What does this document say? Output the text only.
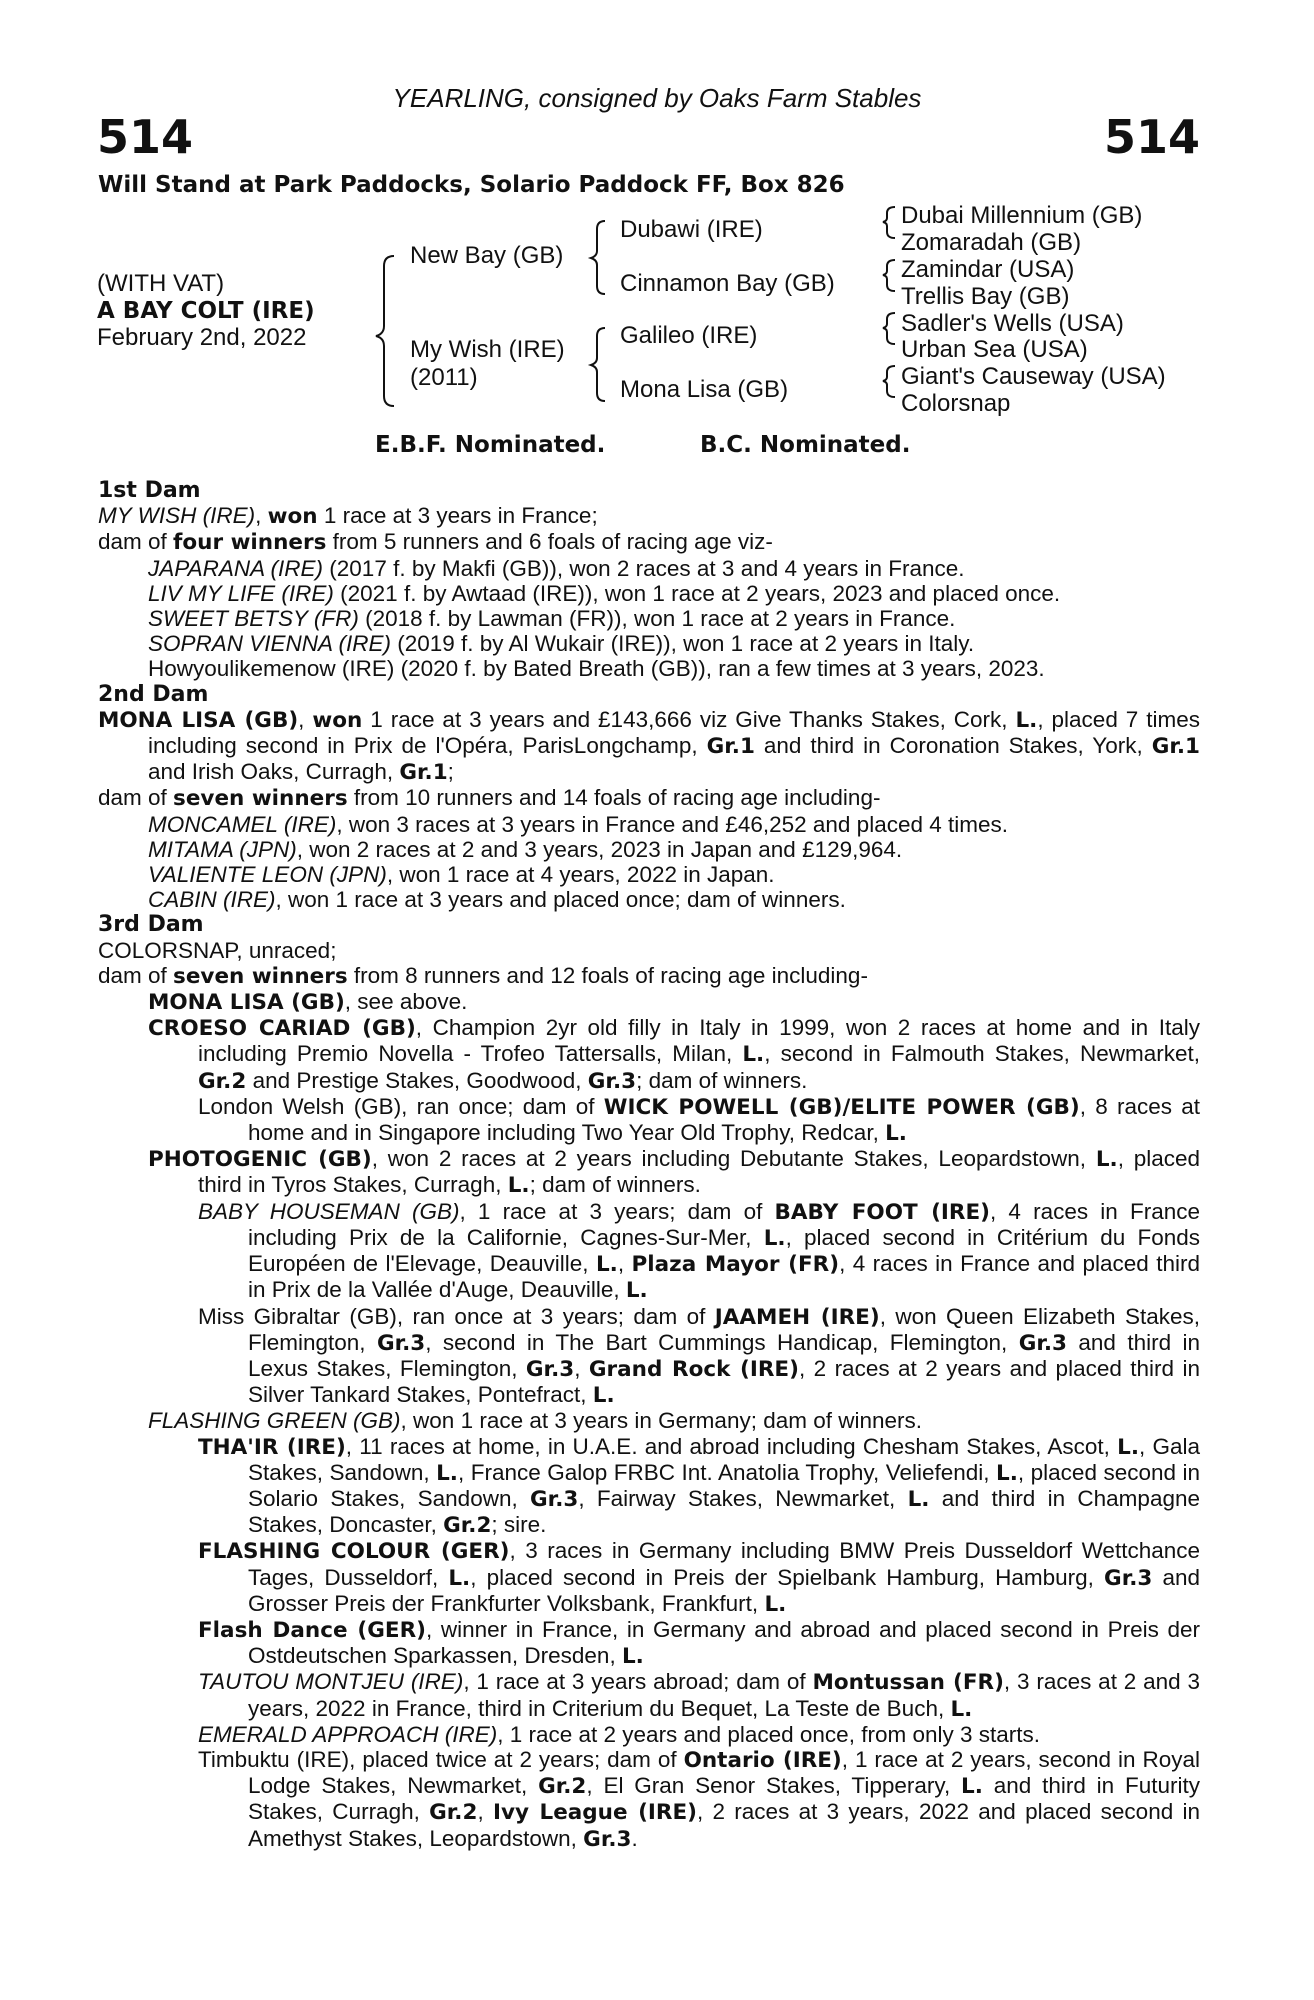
YEARLING, consigned by Oaks Farm Stables
514	514
Will Stand at Park Paddocks, Solario Paddock FF, Box 826
(WITH VAT)
A BAY COLT (IRE)
February 2nd, 2022
New Bay (GB)
My Wish (IRE)
(2011)
Dubawi (IRE)
Cinnamon Bay (GB)
Galileo (IRE)
Mona Lisa (GB)
Dubai Millennium (GB)
Zomaradah (GB)
Zamindar (USA)
Trellis Bay (GB)
Sadler's Wells (USA)
Urban Sea (USA)
Giant's Causeway (USA)
Colorsnap
E.B.F. Nominated.	B.C. Nominated.
1st Dam
MY WISH (IRE), won 1 race at 3 years in France;
dam of four winners from 5 runners and 6 foals of racing age viz-
JAPARANA (IRE) (2017 f. by Makfi (GB)), won 2 races at 3 and 4 years in France.
LIV MY LIFE (IRE) (2021 f. by Awtaad (IRE)), won 1 race at 2 years, 2023 and placed once.
SWEET BETSY (FR) (2018 f. by Lawman (FR)), won 1 race at 2 years in France.
SOPRAN VIENNA (IRE) (2019 f. by Al Wukair (IRE)), won 1 race at 2 years in Italy.
Howyoulikemenow (IRE) (2020 f. by Bated Breath (GB)), ran a few times at 3 years, 2023.
2nd Dam
MONA LISA (GB), won 1 race at 3 years and £143,666 viz Give Thanks Stakes, Cork, L., placed 7 times including second in Prix de l'Opéra, ParisLongchamp, Gr.1 and third in Coronation Stakes, York, Gr.1 and Irish Oaks, Curragh, Gr.1;
dam of seven winners from 10 runners and 14 foals of racing age including-
MONCAMEL (IRE), won 3 races at 3 years in France and £46,252 and placed 4 times.
MITAMA (JPN), won 2 races at 2 and 3 years, 2023 in Japan and £129,964.
VALIENTE LEON (JPN), won 1 race at 4 years, 2022 in Japan.
CABIN (IRE), won 1 race at 3 years and placed once; dam of winners.
3rd Dam
COLORSNAP, unraced;
dam of seven winners from 8 runners and 12 foals of racing age including-
MONA LISA (GB), see above.
CROESO CARIAD (GB), Champion 2yr old filly in Italy in 1999, won 2 races at home and in Italy including Premio Novella - Trofeo Tattersalls, Milan, L., second in Falmouth Stakes, Newmarket, Gr.2 and Prestige Stakes, Goodwood, Gr.3; dam of winners.
London Welsh (GB), ran once; dam of WICK POWELL (GB)/ELITE POWER (GB), 8 races at home and in Singapore including Two Year Old Trophy, Redcar, L.
PHOTOGENIC (GB), won 2 races at 2 years including Debutante Stakes, Leopardstown, L., placed third in Tyros Stakes, Curragh, L.; dam of winners.
BABY HOUSEMAN (GB), 1 race at 3 years; dam of BABY FOOT (IRE), 4 races in France including Prix de la Californie, Cagnes-Sur-Mer, L., placed second in Critérium du Fonds Européen de l'Elevage, Deauville, L., Plaza Mayor (FR), 4 races in France and placed third in Prix de la Vallée d'Auge, Deauville, L.
Miss Gibraltar (GB), ran once at 3 years; dam of JAAMEH (IRE), won Queen Elizabeth Stakes, Flemington, Gr.3, second in The Bart Cummings Handicap, Flemington, Gr.3 and third in Lexus Stakes, Flemington, Gr.3, Grand Rock (IRE), 2 races at 2 years and placed third in Silver Tankard Stakes, Pontefract, L.
FLASHING GREEN (GB), won 1 race at 3 years in Germany; dam of winners.
THA'IR (IRE), 11 races at home, in U.A.E. and abroad including Chesham Stakes, Ascot, L., Gala Stakes, Sandown, L., France Galop FRBC Int. Anatolia Trophy, Veliefendi, L., placed second in Solario Stakes, Sandown, Gr.3, Fairway Stakes, Newmarket, L. and third in Champagne Stakes, Doncaster, Gr.2; sire.
FLASHING COLOUR (GER), 3 races in Germany including BMW Preis Dusseldorf Wettchance Tages, Dusseldorf, L., placed second in Preis der Spielbank Hamburg, Hamburg, Gr.3 and Grosser Preis der Frankfurter Volksbank, Frankfurt, L.
Flash Dance (GER), winner in France, in Germany and abroad and placed second in Preis der Ostdeutschen Sparkassen, Dresden, L.
TAUTOU MONTJEU (IRE), 1 race at 3 years abroad; dam of Montussan (FR), 3 races at 2 and 3 years, 2022 in France, third in Criterium du Bequet, La Teste de Buch, L.
EMERALD APPROACH (IRE), 1 race at 2 years and placed once, from only 3 starts.
Timbuktu (IRE), placed twice at 2 years; dam of Ontario (IRE), 1 race at 2 years, second in Royal Lodge Stakes, Newmarket, Gr.2, El Gran Senor Stakes, Tipperary, L. and third in Futurity Stakes, Curragh, Gr.2, Ivy League (IRE), 2 races at 3 years, 2022 and placed second in Amethyst Stakes, Leopardstown, Gr.3.
